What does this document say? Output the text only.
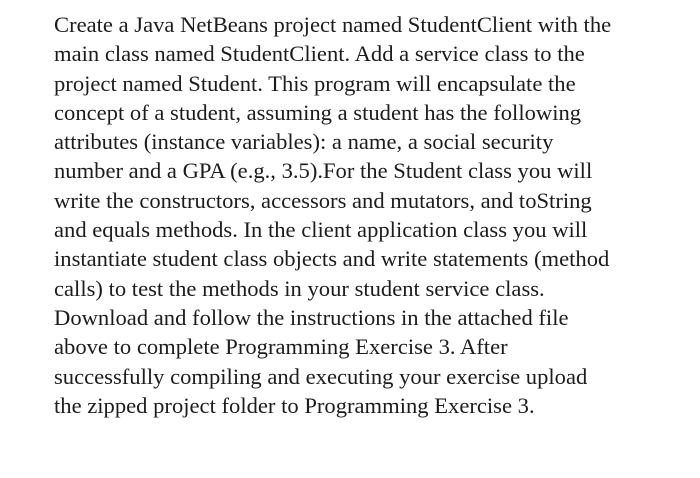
Create a Java NetBeans project named StudentClient with the
main class named StudentClient. Add a service class to the
project named Student. This program will encapsulate the
concept of a student, assuming a student has the following
attributes (instance variables): a name, a social security
number and a GPA (e.g., 3.5).For the Student class you will
write the constructors, accessors and mutators, and toString
and equals methods. In the client application class you will
instantiate student class objects and write statements (method
calls) to test the methods in your student service class.
Download and follow the instructions in the attached file
above to complete Programming Exercise 3. After
successfully compiling and executing your exercise upload
the zipped project folder to Programming Exercise 3.
